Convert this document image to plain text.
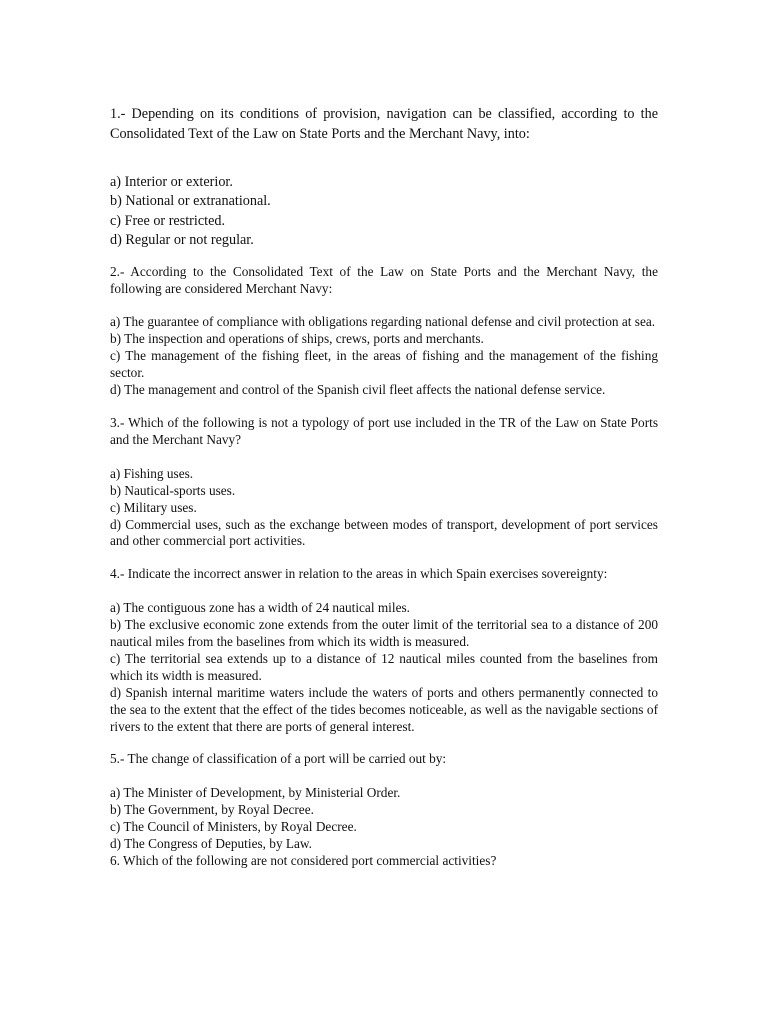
1.- Depending on its conditions of provision, navigation can be classified, according to the Consolidated Text of the Law on State Ports and the Merchant Navy, into:

a) Interior or exterior.

b) National or extranational.

c) Free or restricted.

d) Regular or not regular.

2.- According to the Consolidated Text of the Law on State Ports and the Merchant Navy, the following are considered Merchant Navy:

a) The guarantee of compliance with obligations regarding national defense and civil protection at sea.

b) The inspection and operations of ships, crews, ports and merchants.

c) The management of the fishing fleet, in the areas of fishing and the management of the fishing sector.

d) The management and control of the Spanish civil fleet affects the national defense service.

3.- Which of the following is not a typology of port use included in the TR of the Law on State Ports and the Merchant Navy?

a) Fishing uses.

b) Nautical-sports uses.

c) Military uses.

d) Commercial uses, such as the exchange between modes of transport, development of port services and other commercial port activities.

4.- Indicate the incorrect answer in relation to the areas in which Spain exercises sovereignty:

a) The contiguous zone has a width of 24 nautical miles.

b) The exclusive economic zone extends from the outer limit of the territorial sea to a distance of 200 nautical miles from the baselines from which its width is measured.

c) The territorial sea extends up to a distance of 12 nautical miles counted from the baselines from which its width is measured.

d) Spanish internal maritime waters include the waters of ports and others permanently connected to the sea to the extent that the effect of the tides becomes noticeable, as well as the navigable sections of rivers to the extent that there are ports of general interest.

5.- The change of classification of a port will be carried out by:

a) The Minister of Development, by Ministerial Order.

b) The Government, by Royal Decree.

c) The Council of Ministers, by Royal Decree.

d) The Congress of Deputies, by Law.

6. Which of the following are not considered port commercial activities?
